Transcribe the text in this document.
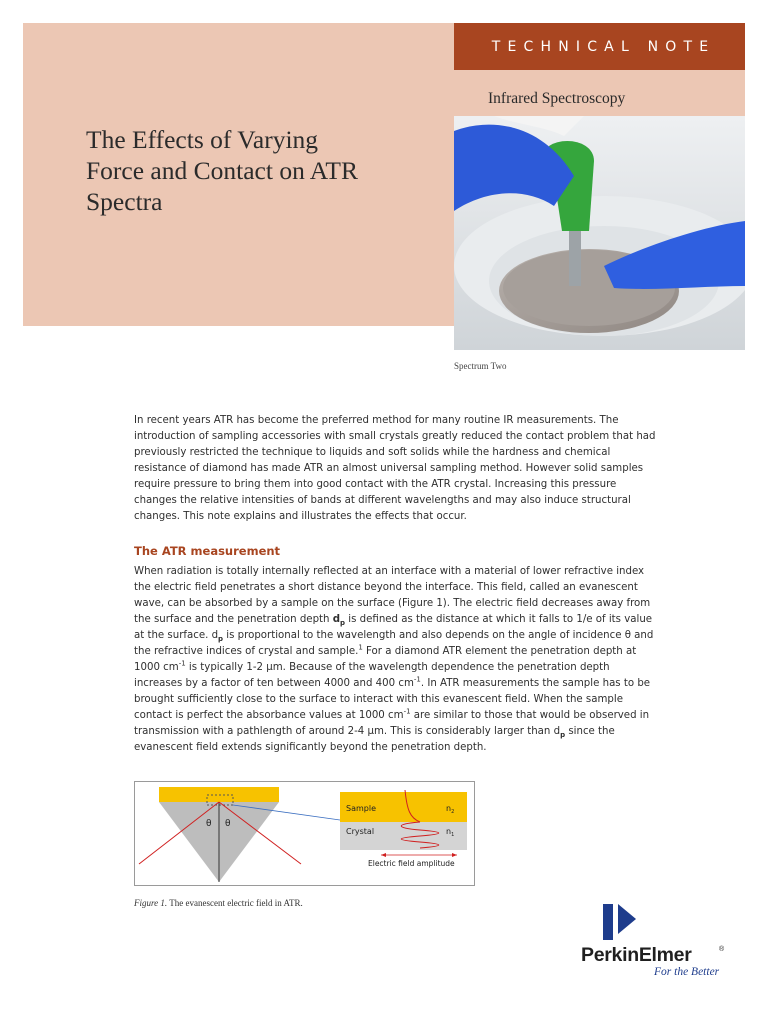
TECHNICAL NOTE
Infrared Spectroscopy
The Effects of Varying Force and Contact on ATR Spectra
Spectrum Two

In recent years ATR has become the preferred method for many routine IR measurements. The introduction of sampling accessories with small crystals greatly reduced the contact problem that had previously restricted the technique to liquids and soft solids while the hardness and chemical resistance of diamond has made ATR an almost universal sampling method. However solid samples require pressure to bring them into good contact with the ATR crystal. Increasing this pressure changes the relative intensities of bands at different wavelengths and may also induce structural changes. This note explains and illustrates the effects that occur.

The ATR measurement

When radiation is totally internally reflected at an interface with a material of lower refractive index the electric field penetrates a short distance beyond the interface. This field, called an evanescent wave, can be absorbed by a sample on the surface (Figure 1). The electric field decreases away from the surface and the penetration depth $d_p$ is defined as the distance at which it falls to 1/e of its value at the surface. $d_p$ is proportional to the wavelength and also depends on the angle of incidence θ and the refractive indices of crystal and sample.$^1$ For a diamond ATR element the penetration depth at 1000 $cm^{-1}$ is typically 1-2 µm. Because of the wavelength dependence the penetration depth increases by a factor of ten between 4000 and 400 $cm^{-1}$. In ATR measurements the sample has to be brought sufficiently close to the surface to interact with this evanescent field. When the sample contact is perfect the absorbance values at 1000 $cm^{-1}$ are similar to those that would be observed in transmission with a pathlength of around 2-4 µm. This is considerably larger than $d_p$ since the evanescent field extends significantly beyond the penetration depth.

θ θ
Sample
Crystal
$n_2$
$n_1$
Electric field amplitude
Figure 1. The evanescent electric field in ATR.
PerkinElmer	®
For the Better
